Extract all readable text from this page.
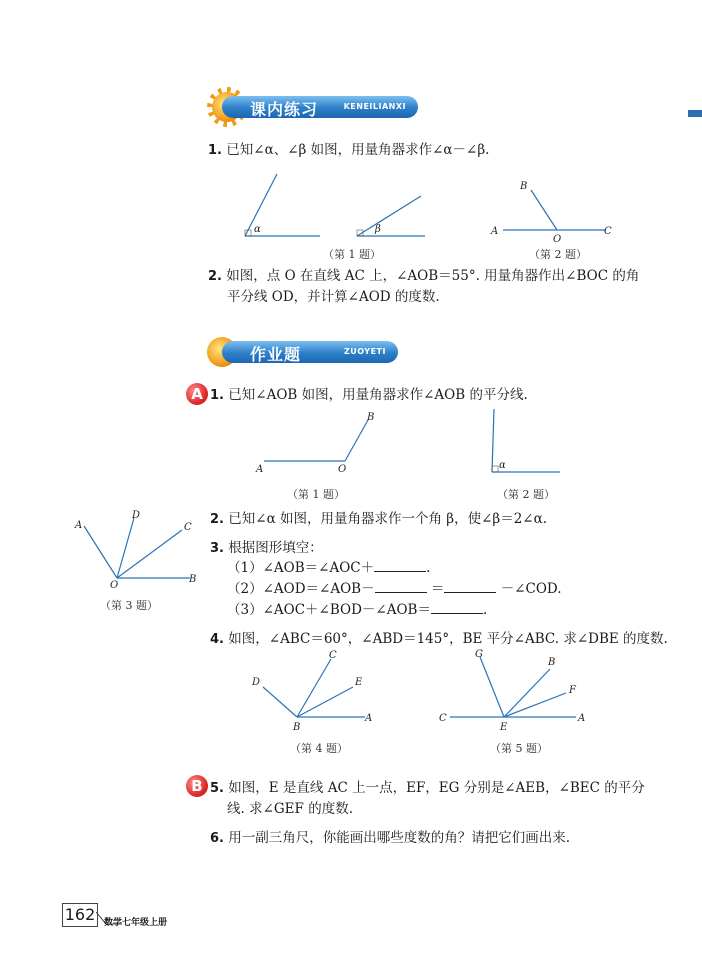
课内练习	KENEILIANXI
1. 已知∠α、∠β 如图，用量角器求作∠α－∠β.
α	β
B
A
O
C
（第 1 题）	（第 2 题）
2. 如图，点 O 在直线 AC 上，∠AOB＝55°. 用量角器作出∠BOC 的角
平分线 OD，并计算∠AOD 的度数.
作业题	ZUOYETI
A 1. 已知∠AOB 如图，用量角器求作∠AOB 的平分线.
A	O
B
α
（第 1 题）	（第 2 题）
2. 已知∠α 如图，用量角器求作一个角 β，使∠β＝2∠α.
A
D
C
O
B
（第 3 题）
3. 根据图形填空：
（1）∠AOB＝∠AOC＋	.
（2）∠AOD＝∠AOB－	＝	－∠COD.
（3）∠AOC＋∠BOD－∠AOB＝	.
4. 如图，∠ABC＝60°，∠ABD＝145°，BE 平分∠ABC. 求∠DBE 的度数.
D
C
E
B
A
（第 4 题）
G
B
F
C
E
A
（第 5 题）
B 5. 如图，E 是直线 AC 上一点，EF，EG 分别是∠AEB，∠BEC 的平分
线. 求∠GEF 的度数.
6. 用一副三角尺，你能画出哪些度数的角？请把它们画出来.
162 数学七年级上册
